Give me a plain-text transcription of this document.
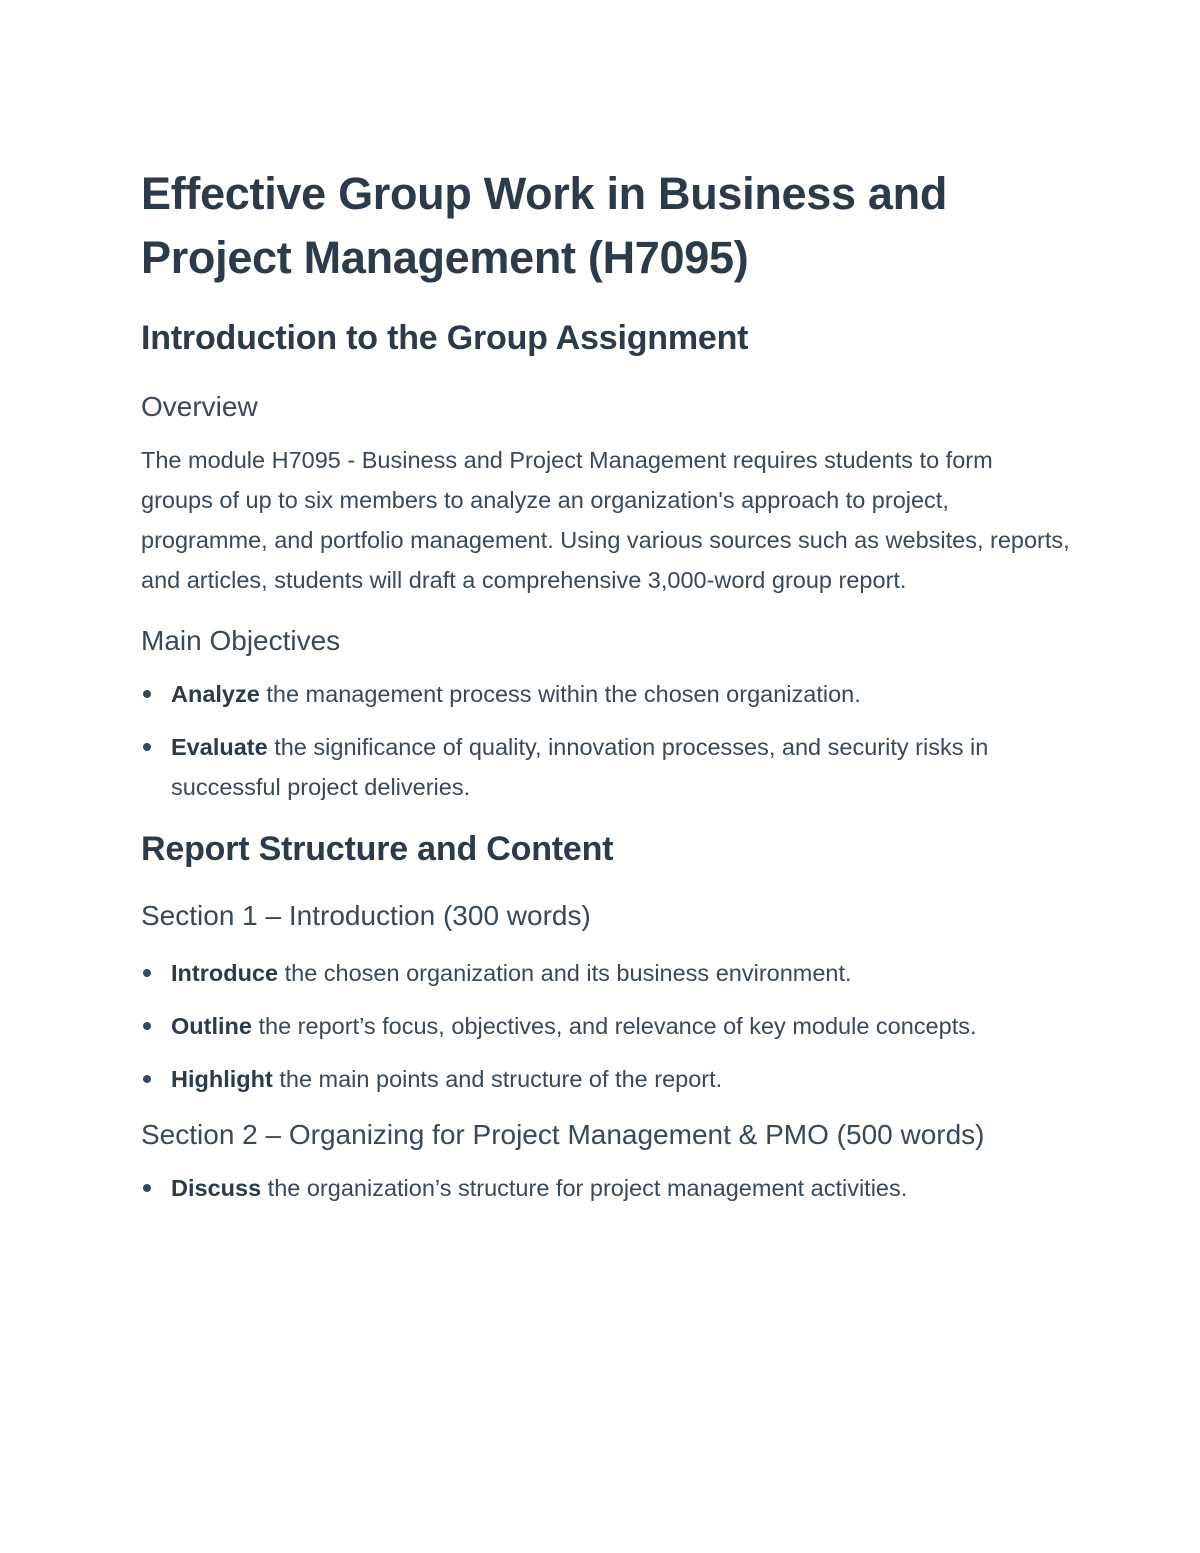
Effective Group Work in Business and Project Management (H7095)
Introduction to the Group Assignment
Overview

The module H7095 - Business and Project Management requires students to form groups of up to six members to analyze an organization's approach to project, programme, and portfolio management. Using various sources such as websites, reports, and articles, students will draft a comprehensive 3,000-word group report.

Main Objectives
Analyze the management process within the chosen organization.
Evaluate the significance of quality, innovation processes, and security risks in successful project deliveries.
Report Structure and Content
Section 1 – Introduction (300 words)
Introduce the chosen organization and its business environment.
Outline the report’s focus, objectives, and relevance of key module concepts.
Highlight the main points and structure of the report.
Section 2 – Organizing for Project Management & PMO (500 words)
Discuss the organization’s structure for project management activities.
